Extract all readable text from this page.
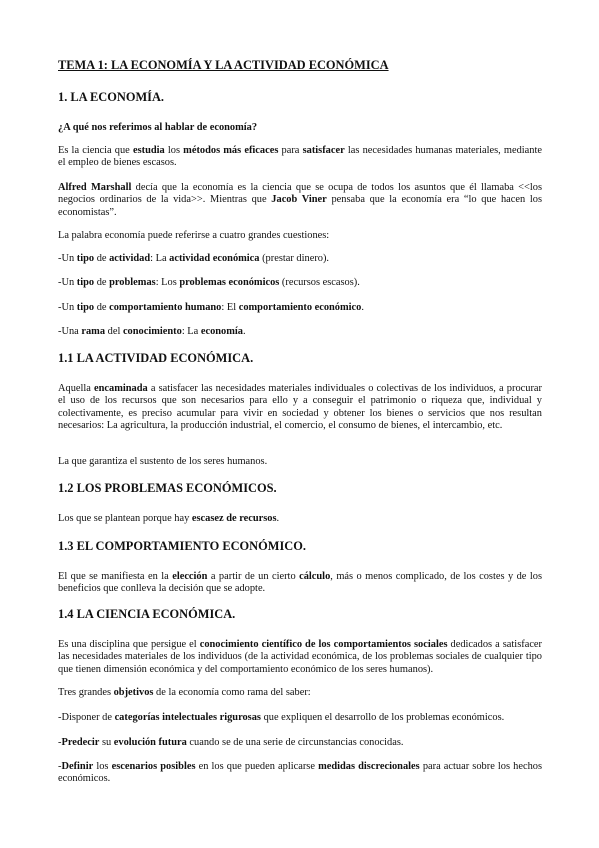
TEMA 1: LA ECONOMÍA Y LA ACTIVIDAD ECONÓMICA

1. LA ECONOMÍA.

¿A qué nos referimos al hablar de economía?

Es la ciencia que estudia los métodos más eficaces para satisfacer las necesidades humanas materiales, mediante el empleo de bienes escasos.

Alfred Marshall decía que la economía es la ciencia que se ocupa de todos los asuntos que él llamaba <<los negocios ordinarios de la vida>>. Mientras que Jacob Viner pensaba que la economía era “lo que hacen los economistas”.

La palabra economía puede referirse a cuatro grandes cuestiones:

-Un tipo de actividad: La actividad económica (prestar dinero).

-Un tipo de problemas: Los problemas económicos (recursos escasos).

-Un tipo de comportamiento humano: El comportamiento económico.

-Una rama del conocimiento: La economía.

1.1 LA ACTIVIDAD ECONÓMICA.

Aquella encaminada a satisfacer las necesidades materiales individuales o colectivas de los individuos, a procurar el uso de los recursos que son necesarios para ello y a conseguir el patrimonio o riqueza que, individual y colectivamente, es preciso acumular para vivir en sociedad y obtener los bienes o servicios que nos resultan necesarios: La agricultura, la producción industrial, el comercio, el consumo de bienes, el intercambio, etc.

La que garantiza el sustento de los seres humanos.

1.2 LOS PROBLEMAS ECONÓMICOS.

Los que se plantean porque hay escasez de recursos.

1.3 EL COMPORTAMIENTO ECONÓMICO.

El que se manifiesta en la elección a partir de un cierto cálculo, más o menos complicado, de los costes y de los beneficios que conlleva la decisión que se adopte.

1.4 LA CIENCIA ECONÓMICA.

Es una disciplina que persigue el conocimiento científico de los comportamientos sociales dedicados a satisfacer las necesidades materiales de los individuos (de la actividad económica, de los problemas sociales de cualquier tipo que tienen dimensión económica y del comportamiento económico de los seres humanos).

Tres grandes objetivos de la economía como rama del saber:

-Disponer de categorías intelectuales rigurosas que expliquen el desarrollo de los problemas económicos.

-Predecir su evolución futura cuando se de una serie de circunstancias conocidas.

-Definir los escenarios posibles en los que pueden aplicarse medidas discrecionales para actuar sobre los hechos económicos.
